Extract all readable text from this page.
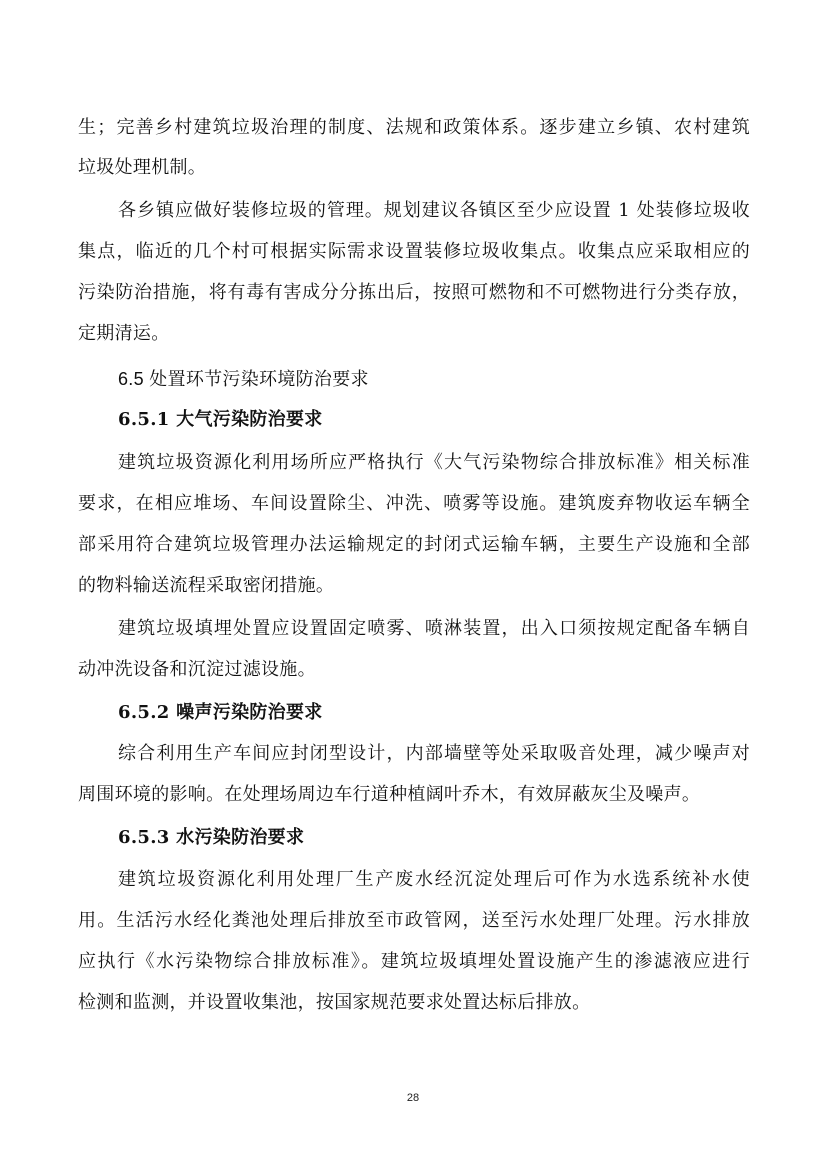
生；完善乡村建筑垃圾治理的制度、法规和政策体系。逐步建立乡镇、农村建筑
垃圾处理机制。
各乡镇应做好装修垃圾的管理。规划建议各镇区至少应设置 1 处装修垃圾收
集点，临近的几个村可根据实际需求设置装修垃圾收集点。收集点应采取相应的
污染防治措施，将有毒有害成分分拣出后，按照可燃物和不可燃物进行分类存放，
定期清运。
6.5 处置环节污染环境防治要求
6.5.1 大气污染防治要求
建筑垃圾资源化利用场所应严格执行《大气污染物综合排放标准》相关标准
要求，在相应堆场、车间设置除尘、冲洗、喷雾等设施。建筑废弃物收运车辆全
部采用符合建筑垃圾管理办法运输规定的封闭式运输车辆，主要生产设施和全部
的物料输送流程采取密闭措施。
建筑垃圾填埋处置应设置固定喷雾、喷淋装置，出入口须按规定配备车辆自
动冲洗设备和沉淀过滤设施。
6.5.2 噪声污染防治要求
综合利用生产车间应封闭型设计，内部墙壁等处采取吸音处理，减少噪声对
周围环境的影响。在处理场周边车行道种植阔叶乔木，有效屏蔽灰尘及噪声。
6.5.3 水污染防治要求
建筑垃圾资源化利用处理厂生产废水经沉淀处理后可作为水选系统补水使
用。生活污水经化粪池处理后排放至市政管网，送至污水处理厂处理。污水排放
应执行《水污染物综合排放标准》。建筑垃圾填埋处置设施产生的渗滤液应进行
检测和监测，并设置收集池，按国家规范要求处置达标后排放。
28
